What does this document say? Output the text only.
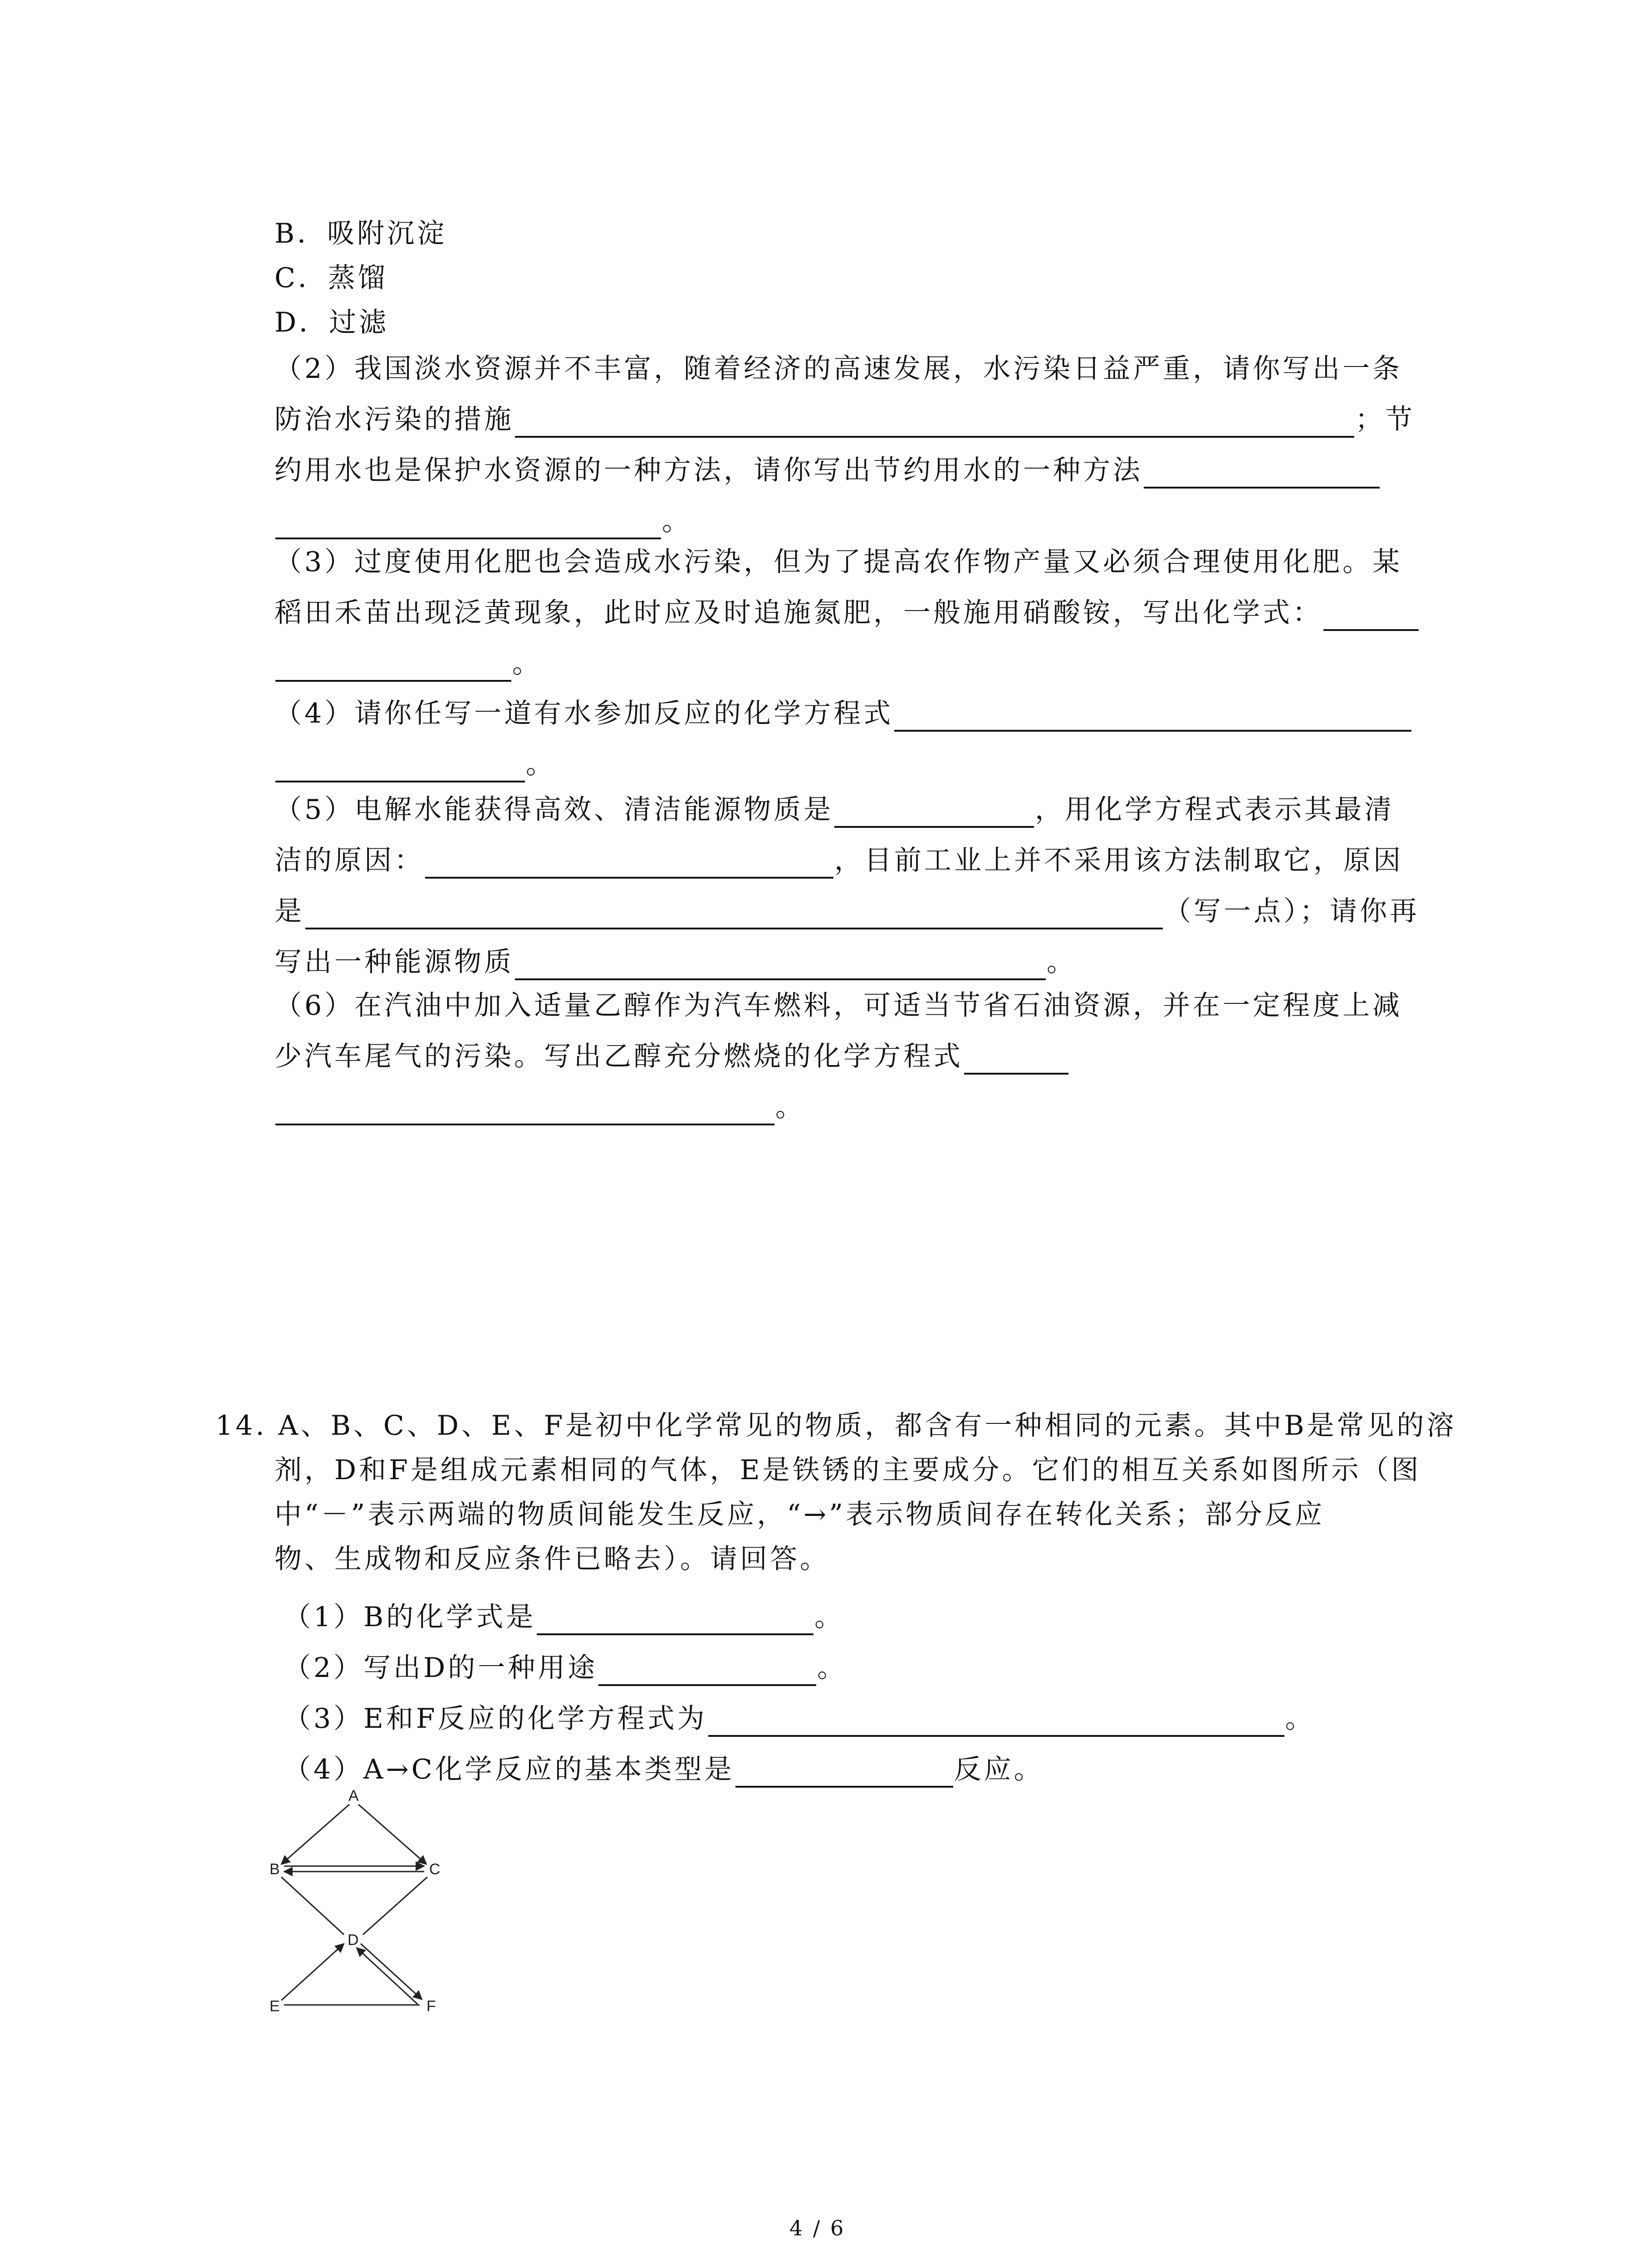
B．吸附沉淀
C．蒸馏
D．过滤
（2）我国淡水资源并不丰富，随着经济的高速发展，水污染日益严重，请你写出一条
防治水污染的措施	；节
约用水也是保护水资源的一种方法，请你写出节约用水的一种方法
。
（3）过度使用化肥也会造成水污染，但为了提高农作物产量又必须合理使用化肥。某
稻田禾苗出现泛黄现象，此时应及时追施氮肥，一般施用硝酸铵，写出化学式：
。
（4）请你任写一道有水参加反应的化学方程式
。
（5）电解水能获得高效、清洁能源物质是	，用化学方程式表示其最清
洁的原因：	，目前工业上并不采用该方法制取它，原因
是	（写一点）；请你再
写出一种能源物质	。
（6）在汽油中加入适量乙醇作为汽车燃料，可适当节省石油资源，并在一定程度上减
少汽车尾气的污染。写出乙醇充分燃烧的化学方程式
。
14. A、B、C、D、E、F是初中化学常见的物质，都含有一种相同的元素。其中B是常见的溶
剂，D和F是组成元素相同的气体，E是铁锈的主要成分。它们的相互关系如图所示（图
中“－”表示两端的物质间能发生反应，“→”表示物质间存在转化关系；部分反应
物、生成物和反应条件已略去）。请回答。
（1）B的化学式是	。
（2）写出D的一种用途	。
（3）E和F反应的化学方程式为	。
（4）A→C化学反应的基本类型是	反应。
A
B	C
D
E	F
4 / 6
